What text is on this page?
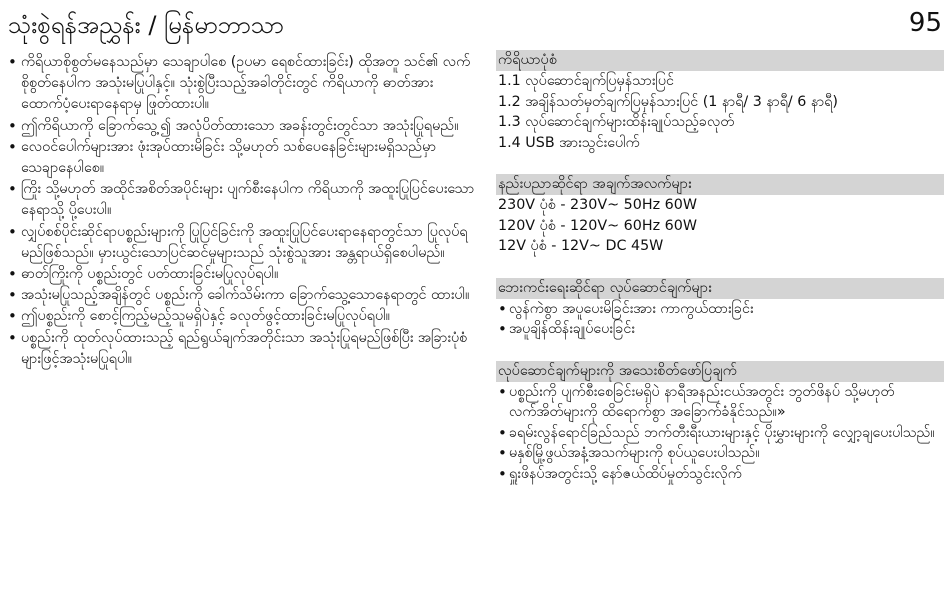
သုံးစွဲရန်အညွှန်း / မြန်မာဘာသာ	95
• ကိရိယာစိုစွတ်မနေသည်မှာ သေချာပါစေ (ဥပမာ ရေစင်ထားခြင်း) ထိုအတူ သင်၏ လက်စိုစွတ်နေပါက အသုံးမပြုပါနှင့်။ သုံးစွဲပြီးသည့်အခါတိုင်းတွင် ကိရိယာကို ဓာတ်အားထောက်ပံ့ပေးရာနေရာမှ ဖြုတ်ထားပါ။
• ဤကိရိယာကို ခြောက်သွေ့၍ အလုံပိတ်ထားသော အခန်းတွင်းတွင်သာ အသုံးပြုရမည်။
• လေဝင်ပေါက်များအား ဖုံးအုပ်ထားမိခြင်း သို့မဟုတ် သစ်ပေနေခြင်းများမရှိသည်မှာ သေချာနေပါစေ။
• ကြိုး သို့မဟုတ် အထိုင်အစိတ်အပိုင်းများ ပျက်စီးနေပါက ကိရိယာကို အထူးပြုပြင်ပေးသော နေရာသို့ ပို့ပေးပါ။
• လျှပ်စစ်ပိုင်းဆိုင်ရာပစ္စည်းများကို ပြုပြင်ခြင်းကို အထူးပြုပြင်ပေးရာနေရာတွင်သာ ပြုလုပ်ရမည်ဖြစ်သည်။ မှားယွင်းသောပြင်ဆင်မှုများသည် သုံးစွဲသူအား အန္တရာယ်ရှိစေပါမည်။
• ဓာတ်ကြိုးကို ပစ္စည်းတွင် ပတ်ထားခြင်းမပြုလုပ်ရပါ။
• အသုံးမပြုသည့်အချိန်တွင် ပစ္စည်းကို ခေါက်သိမ်းကာ ခြောက်သွေ့သောနေရာတွင် ထားပါ။
• ဤပစ္စည်းကို စောင့်ကြည့်မည့်သူမရှိပဲနှင့် ခလုတ်ဖွင့်ထားခြင်းမပြုလုပ်ရပါ။
• ပစ္စည်းကို ထုတ်လုပ်ထားသည့် ရည်ရွယ်ချက်အတိုင်းသာ အသုံးပြုရမည်ဖြစ်ပြီး အခြားပုံစံများဖြင့်အသုံးမပြုရပါ။
ကိရိယာပုံစံ
1.1 လုပ်ဆောင်ချက်ပြမှန်သားပြင်
1.2 အချိန်သတ်မှတ်ချက်ပြမှန်သားပြင် (1 နာရီ/ 3 နာရီ/ 6 နာရီ)
1.3 လုပ်ဆောင်ချက်များထိန်းချုပ်သည့်ခလုတ်
1.4 USB အားသွင်းပေါက်
နည်းပညာဆိုင်ရာ အချက်အလက်များ
230V ပုံစံ - 230V~ 50Hz 60W
120V ပုံစံ - 120V~ 60Hz 60W
12V ပုံစံ - 12V~ DC 45W
ဘေးကင်းရေးဆိုင်ရာ လုပ်ဆောင်ချက်များ
• လွန်ကဲစွာ အပူပေးမိခြင်းအား ကာကွယ်ထားခြင်း
• အပူချိန်ထိန်းချုပ်ပေးခြင်း
လုပ်ဆောင်ချက်များကို အသေးစိတ်ဖော်ပြချက်
• ပစ္စည်းကို ပျက်စီးစေခြင်းမရှိပဲ နာရီအနည်းငယ်အတွင်း ဘွတ်ဖိနပ် သို့မဟုတ် လက်အိတ်များကို ထိရောက်စွာ အခြောက်ခံနိုင်သည်။»
• ခရမ်းလွန်ရောင်ခြည်သည် ဘက်တီးရီးယားများနှင့် ပိုးမွှားများကို လျှော့ချပေးပါသည်။
• မနှစ်မြို့ဖွယ်အနံ့အသက်များကို စုပ်ယူပေးပါသည်။
• ရှူးဖိနပ်အတွင်းသို့ နော်ဇယ်ထိပ်မှုတ်သွင်းလိုက်
